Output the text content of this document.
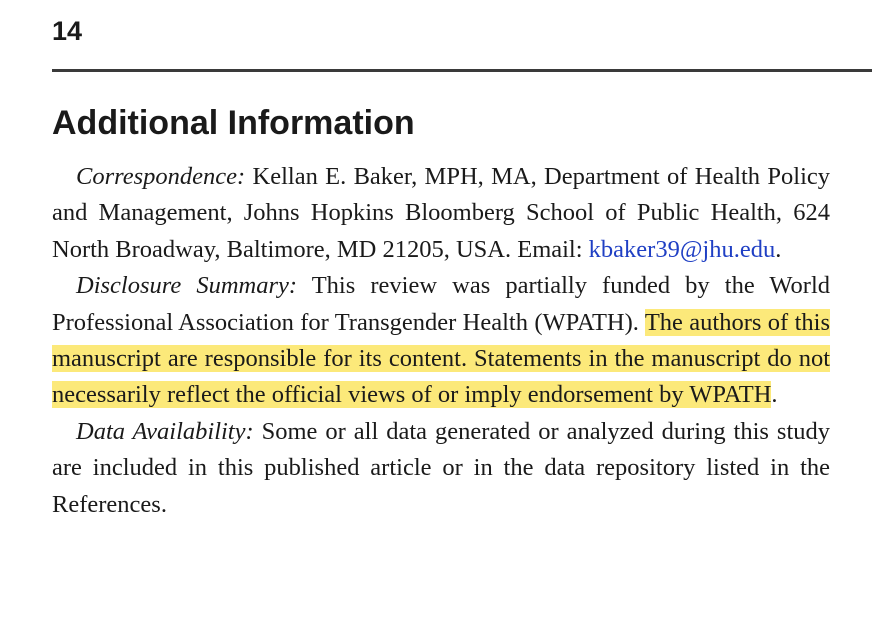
14
Additional Information

Correspondence: Kellan E. Baker, MPH, MA, Department of Health Policy and Management, Johns Hopkins Bloomberg School of Public Health, 624 North Broadway, Baltimore, MD 21205, USA. Email: kbaker39@jhu.edu.

Disclosure Summary: This review was partially funded by the World Professional Association for Transgender Health (WPATH). The authors of this manuscript are responsible for its content. Statements in the manuscript do not necessarily reflect the official views of or imply endorsement by WPATH.

Data Availability: Some or all data generated or analyzed during this study are included in this published article or in the data repository listed in the References.
